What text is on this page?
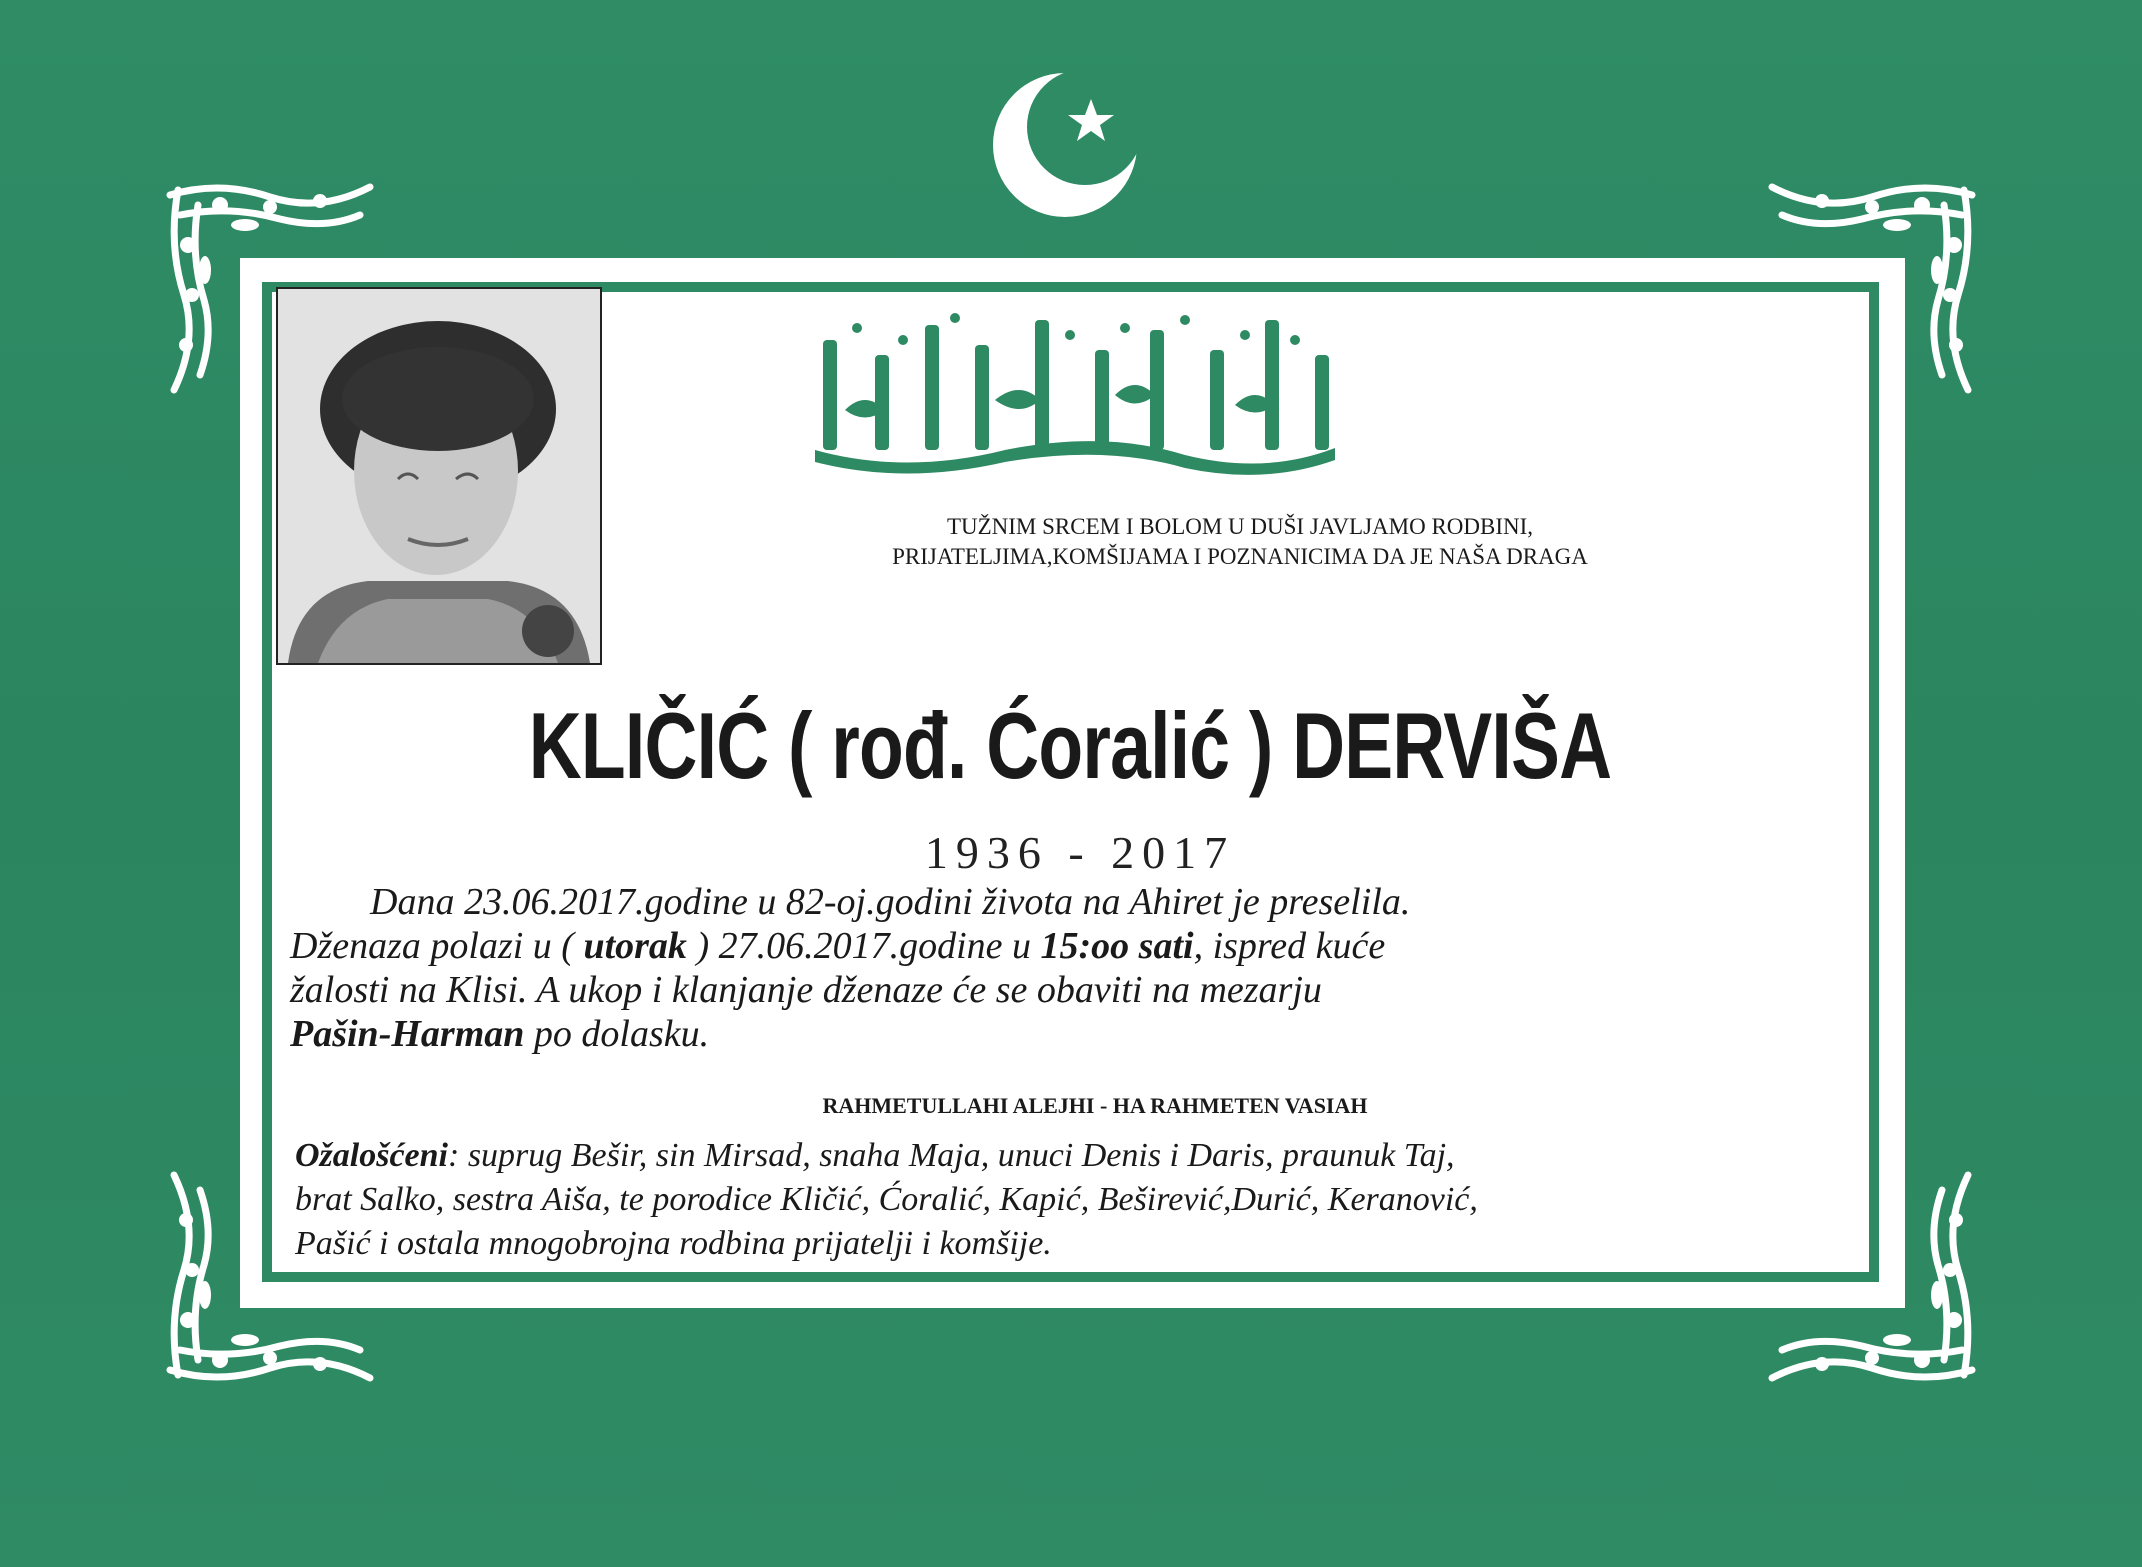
TUŽNIM SRCEM I BOLOM U DUŠI JAVLJAMO RODBINI,
PRIJATELJIMA,KOMŠIJAMA I POZNANICIMA DA JE NAŠA DRAGA
KLIČIĆ ( rođ. Ćoralić ) DERVIŠA
1936 - 2017

Dana 23.06.2017.godine u 82-oj.godini života na Ahiret je preselila.

Dženaza polazi u ( utorak ) 27.06.2017.godine u 15:oo sati, ispred kuće

žalosti na Klisi. A ukop i klanjanje dženaze će se obaviti na mezarju

Pašin-Harman po dolasku.

RAHMETULLAHI ALEJHI - HA RAHMETEN VASIAH

Ožalošćeni: suprug Bešir, sin Mirsad, snaha Maja, unuci Denis i Daris, praunuk Taj,

brat Salko, sestra Aiša, te porodice Kličić, Ćoralić, Kapić, Beširević,Durić, Keranović,

Pašić i ostala mnogobrojna rodbina prijatelji i komšije.
